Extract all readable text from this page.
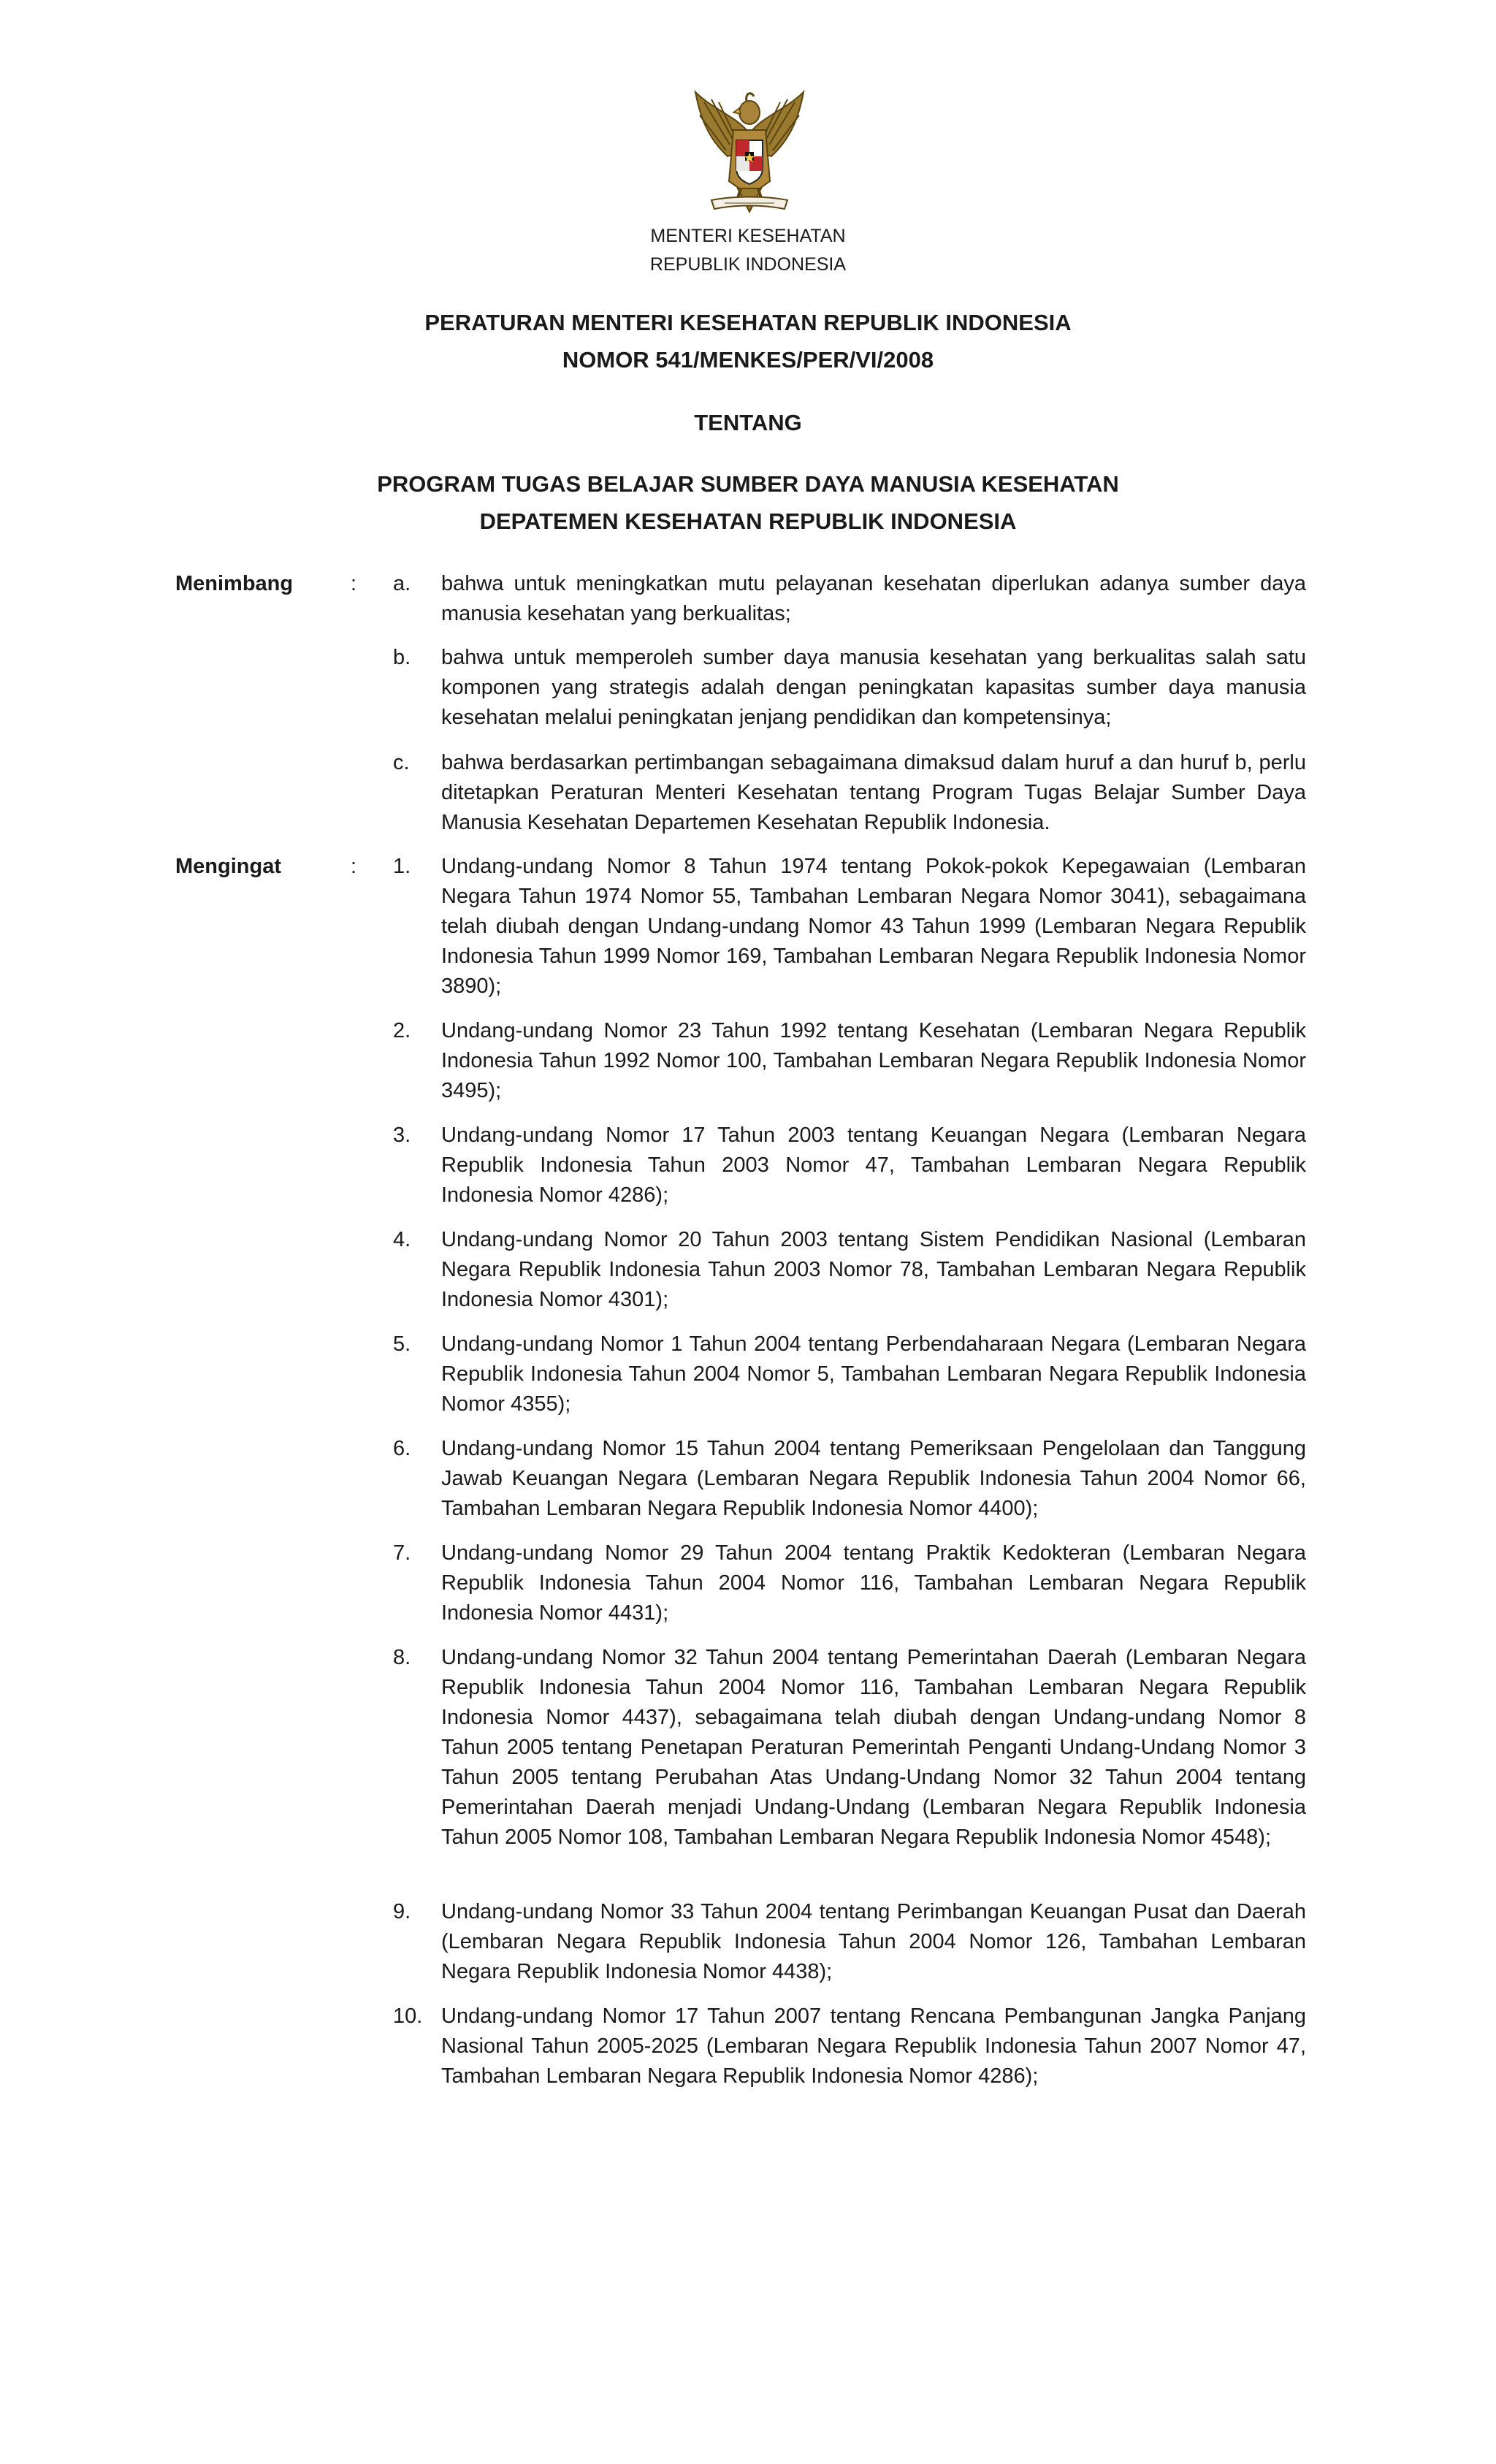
MENTERI KESEHATAN
REPUBLIK INDONESIA
PERATURAN MENTERI KESEHATAN REPUBLIK INDONESIA
NOMOR 541/MENKES/PER/VI/2008
TENTANG
PROGRAM TUGAS BELAJAR SUMBER DAYA MANUSIA KESEHATAN
DEPATEMEN KESEHATAN REPUBLIK INDONESIA
Menimbang	: a.	bahwa untuk meningkatkan mutu pelayanan kesehatan diperlukan adanya sumber daya manusia kesehatan yang berkualitas;
b.	bahwa untuk memperoleh sumber daya manusia kesehatan yang berkualitas salah satu komponen yang strategis adalah dengan peningkatan kapasitas sumber daya manusia kesehatan melalui peningkatan jenjang pendidikan dan kompetensinya;
c.	bahwa berdasarkan pertimbangan sebagaimana dimaksud dalam huruf a dan huruf b, perlu ditetapkan Peraturan Menteri Kesehatan tentang Program Tugas Belajar Sumber Daya Manusia Kesehatan Departemen Kesehatan Republik Indonesia.
Mengingat	: 1.	Undang-undang Nomor 8 Tahun 1974 tentang Pokok-pokok Kepegawaian (Lembaran Negara Tahun 1974 Nomor 55, Tambahan Lembaran Negara Nomor 3041), sebagaimana telah diubah dengan Undang-undang Nomor 43 Tahun 1999 (Lembaran Negara Republik Indonesia Tahun 1999 Nomor 169, Tambahan Lembaran Negara Republik Indonesia Nomor 3890);
2.	Undang-undang Nomor 23 Tahun 1992 tentang Kesehatan (Lembaran Negara Republik Indonesia Tahun 1992 Nomor 100, Tambahan Lembaran Negara Republik Indonesia Nomor 3495);
3.	Undang-undang Nomor 17 Tahun 2003 tentang Keuangan Negara (Lembaran Negara Republik Indonesia Tahun 2003 Nomor 47, Tambahan Lembaran Negara Republik Indonesia Nomor 4286);
4.	Undang-undang Nomor 20 Tahun 2003 tentang Sistem Pendidikan Nasional (Lembaran Negara Republik Indonesia Tahun 2003 Nomor 78, Tambahan Lembaran Negara Republik Indonesia Nomor 4301);
5.	Undang-undang Nomor 1 Tahun 2004 tentang Perbendaharaan Negara (Lembaran Negara Republik Indonesia Tahun 2004 Nomor 5, Tambahan Lembaran Negara Republik Indonesia Nomor 4355);
6.	Undang-undang Nomor 15 Tahun 2004 tentang Pemeriksaan Pengelolaan dan Tanggung Jawab Keuangan Negara (Lembaran Negara Republik Indonesia Tahun 2004 Nomor 66, Tambahan Lembaran Negara Republik Indonesia Nomor 4400);
7.	Undang-undang Nomor 29 Tahun 2004 tentang Praktik Kedokteran (Lembaran Negara Republik Indonesia Tahun 2004 Nomor 116, Tambahan Lembaran Negara Republik Indonesia Nomor 4431);
8.	Undang-undang Nomor 32 Tahun 2004 tentang Pemerintahan Daerah (Lembaran Negara Republik Indonesia Tahun 2004 Nomor 116, Tambahan Lembaran Negara Republik Indonesia Nomor 4437), sebagaimana telah diubah dengan Undang-undang Nomor 8 Tahun 2005 tentang Penetapan Peraturan Pemerintah Penganti Undang-Undang Nomor 3 Tahun 2005 tentang Perubahan Atas Undang-Undang Nomor 32 Tahun 2004 tentang Pemerintahan Daerah menjadi Undang-Undang (Lembaran Negara Republik Indonesia Tahun 2005 Nomor 108, Tambahan Lembaran Negara Republik Indonesia Nomor 4548);
9.	Undang-undang Nomor 33 Tahun 2004 tentang Perimbangan Keuangan Pusat dan Daerah (Lembaran Negara Republik Indonesia Tahun 2004 Nomor 126, Tambahan Lembaran Negara Republik Indonesia Nomor 4438);
10. Undang-undang Nomor 17 Tahun 2007 tentang Rencana Pembangunan Jangka Panjang Nasional Tahun 2005-2025 (Lembaran Negara Republik Indonesia Tahun 2007 Nomor 47, Tambahan Lembaran Negara Republik Indonesia Nomor 4286);
